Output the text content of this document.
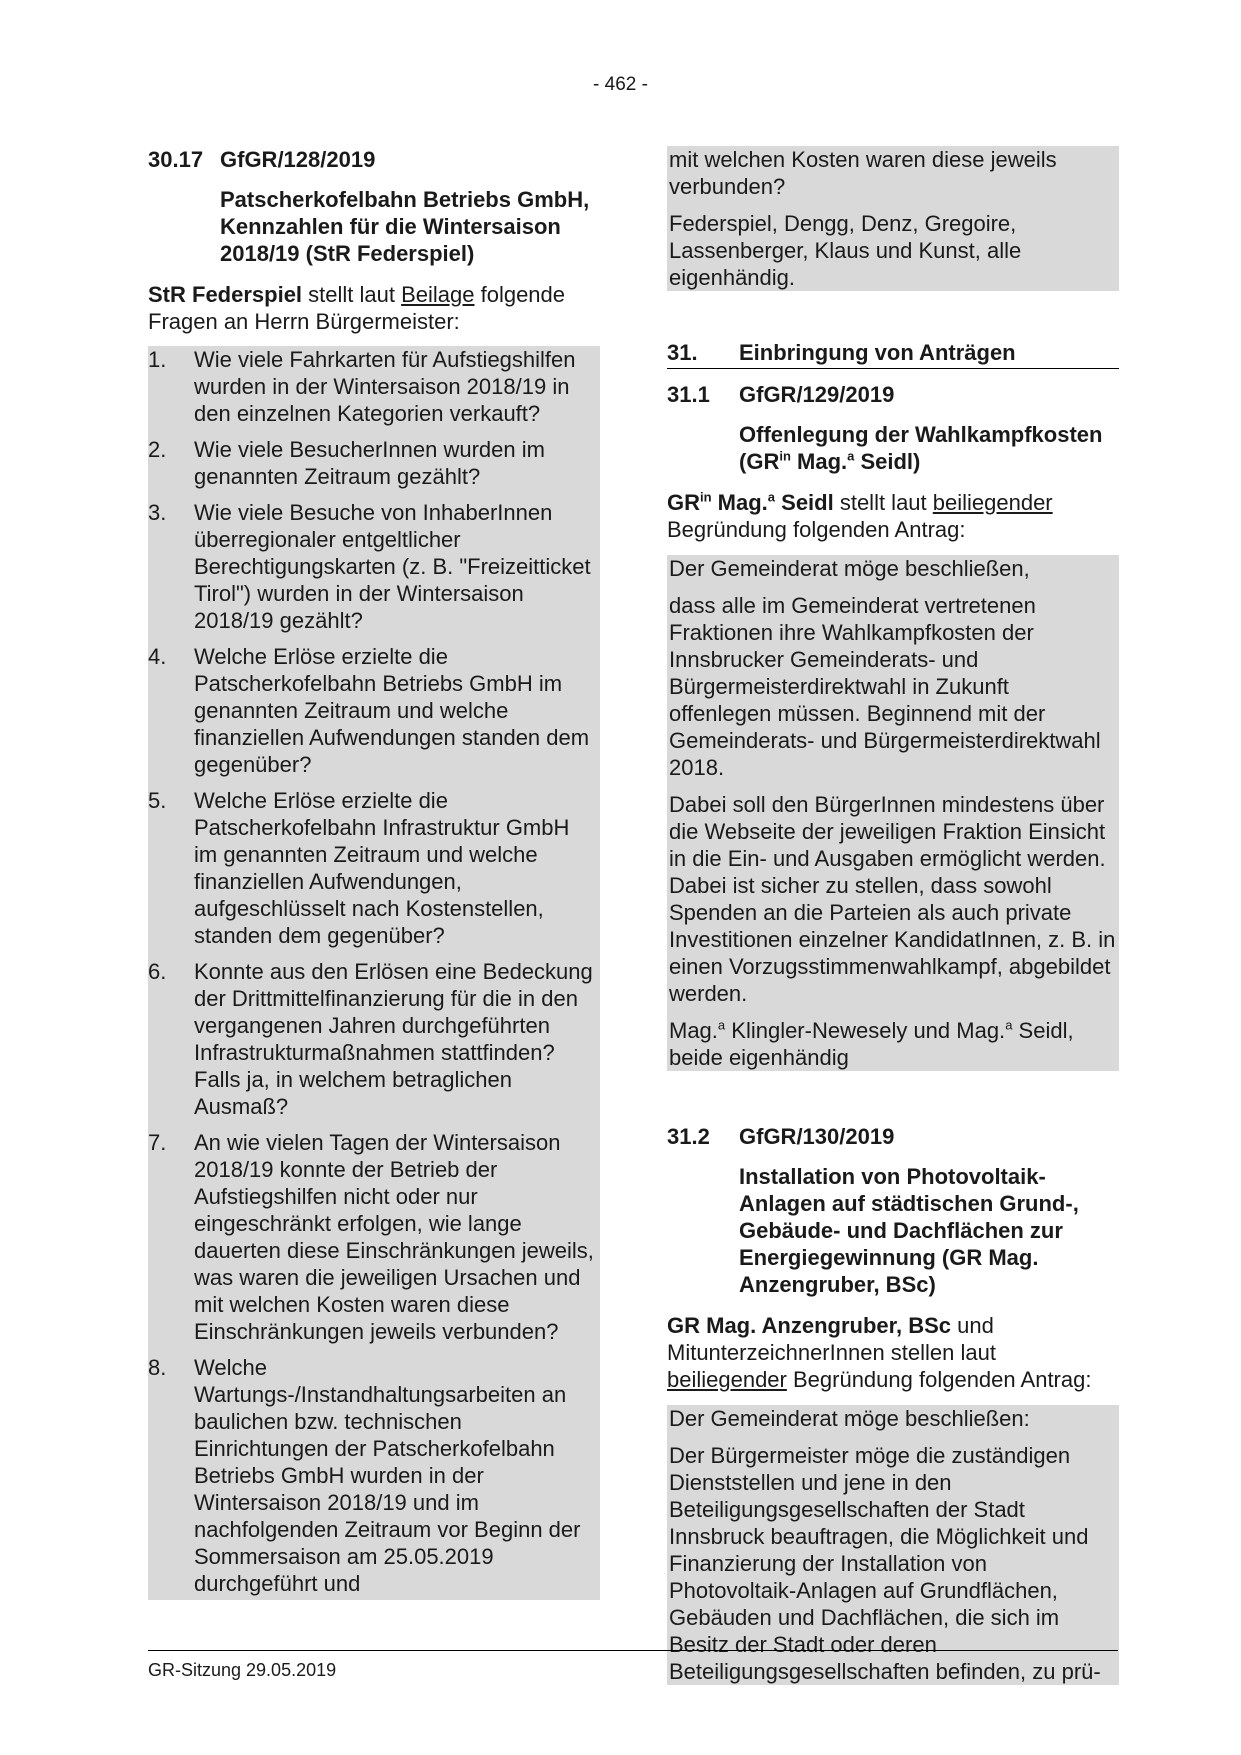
- 462 -
30.17 GfGR/128/2019
Patscherkofelbahn Betriebs GmbH, Kennzahlen für die Wintersaison 2018/19 (StR Federspiel)
StR Federspiel stellt laut Beilage folgende Fragen an Herrn Bürgermeister:
1.	Wie viele Fahrkarten für Aufstiegshilfen wurden in der Wintersaison 2018/19 in den einzelnen Kategorien verkauft?
2.	Wie viele BesucherInnen wurden im genannten Zeitraum gezählt?
3.	Wie viele Besuche von InhaberInnen überregionaler entgeltlicher Berechtigungskarten (z. B. "Freizeitticket Tirol") wurden in der Wintersaison 2018/19 gezählt?
4.	Welche Erlöse erzielte die Patscherkofelbahn Betriebs GmbH im genannten Zeitraum und welche finanziellen Aufwendungen standen dem gegenüber?
5.	Welche Erlöse erzielte die Patscherkofelbahn Infrastruktur GmbH im genannten Zeitraum und welche finanziellen Aufwendungen, aufgeschlüsselt nach Kostenstellen, standen dem gegenüber?
6.	Konnte aus den Erlösen eine Bedeckung der Drittmittelfinanzierung für die in den vergangenen Jahren durchgeführten Infrastrukturmaßnahmen stattfinden? Falls ja, in welchem betraglichen Ausmaß?
7.	An wie vielen Tagen der Wintersaison 2018/19 konnte der Betrieb der Aufstiegshilfen nicht oder nur eingeschränkt erfolgen, wie lange dauerten diese Einschränkungen jeweils, was waren die jeweiligen Ursachen und mit welchen Kosten waren diese Einschränkungen jeweils verbunden?
8.	Welche Wartungs-/Instandhaltungsarbeiten an baulichen bzw. technischen Einrichtungen der Patscherkofelbahn Betriebs GmbH wurden in der Wintersaison 2018/19 und im nachfolgenden Zeitraum vor Beginn der Sommersaison am 25.05.2019 durchgeführt und
mit welchen Kosten waren diese jeweils verbunden?
Federspiel, Dengg, Denz, Gregoire, Lassenberger, Klaus und Kunst, alle eigenhändig.
31.	Einbringung von Anträgen
31.1	GfGR/129/2019
Offenlegung der Wahlkampfkosten ($GR^{in}$ Mag.$^a$ Seidl)
$GR^{in}$ Mag.$^a$ Seidl stellt laut beiliegender Begründung folgenden Antrag:
Der Gemeinderat möge beschließen,
dass alle im Gemeinderat vertretenen Fraktionen ihre Wahlkampfkosten der Innsbrucker Gemeinderats- und Bürgermeisterdirektwahl in Zukunft offenlegen müssen. Beginnend mit der Gemeinderats- und Bürgermeisterdirektwahl 2018.
Dabei soll den BürgerInnen mindestens über die Webseite der jeweiligen Fraktion Einsicht in die Ein- und Ausgaben ermöglicht werden. Dabei ist sicher zu stellen, dass sowohl Spenden an die Parteien als auch private Investitionen einzelner KandidatInnen, z. B. in einen Vorzugsstimmenwahlkampf, abgebildet werden.
Mag.$^a$ Klingler-Newesely und Mag.$^a$ Seidl, beide eigenhändig
31.2	GfGR/130/2019
Installation von Photovoltaik-Anlagen auf städtischen Grund-, Gebäude- und Dachflächen zur Energiegewinnung (GR Mag. Anzengruber, BSc)
GR Mag. Anzengruber, BSc und MitunterzeichnerInnen stellen laut beiliegender Begründung folgenden Antrag:
Der Gemeinderat möge beschließen:
Der Bürgermeister möge die zuständigen Dienststellen und jene in den Beteiligungsgesellschaften der Stadt Innsbruck beauftragen, die Möglichkeit und Finanzierung der Installation von Photovoltaik-Anlagen auf Grundflächen, Gebäuden und Dachflächen, die sich im Besitz der Stadt oder deren Beteiligungsgesellschaften befinden, zu prü-
GR-Sitzung 29.05.2019
